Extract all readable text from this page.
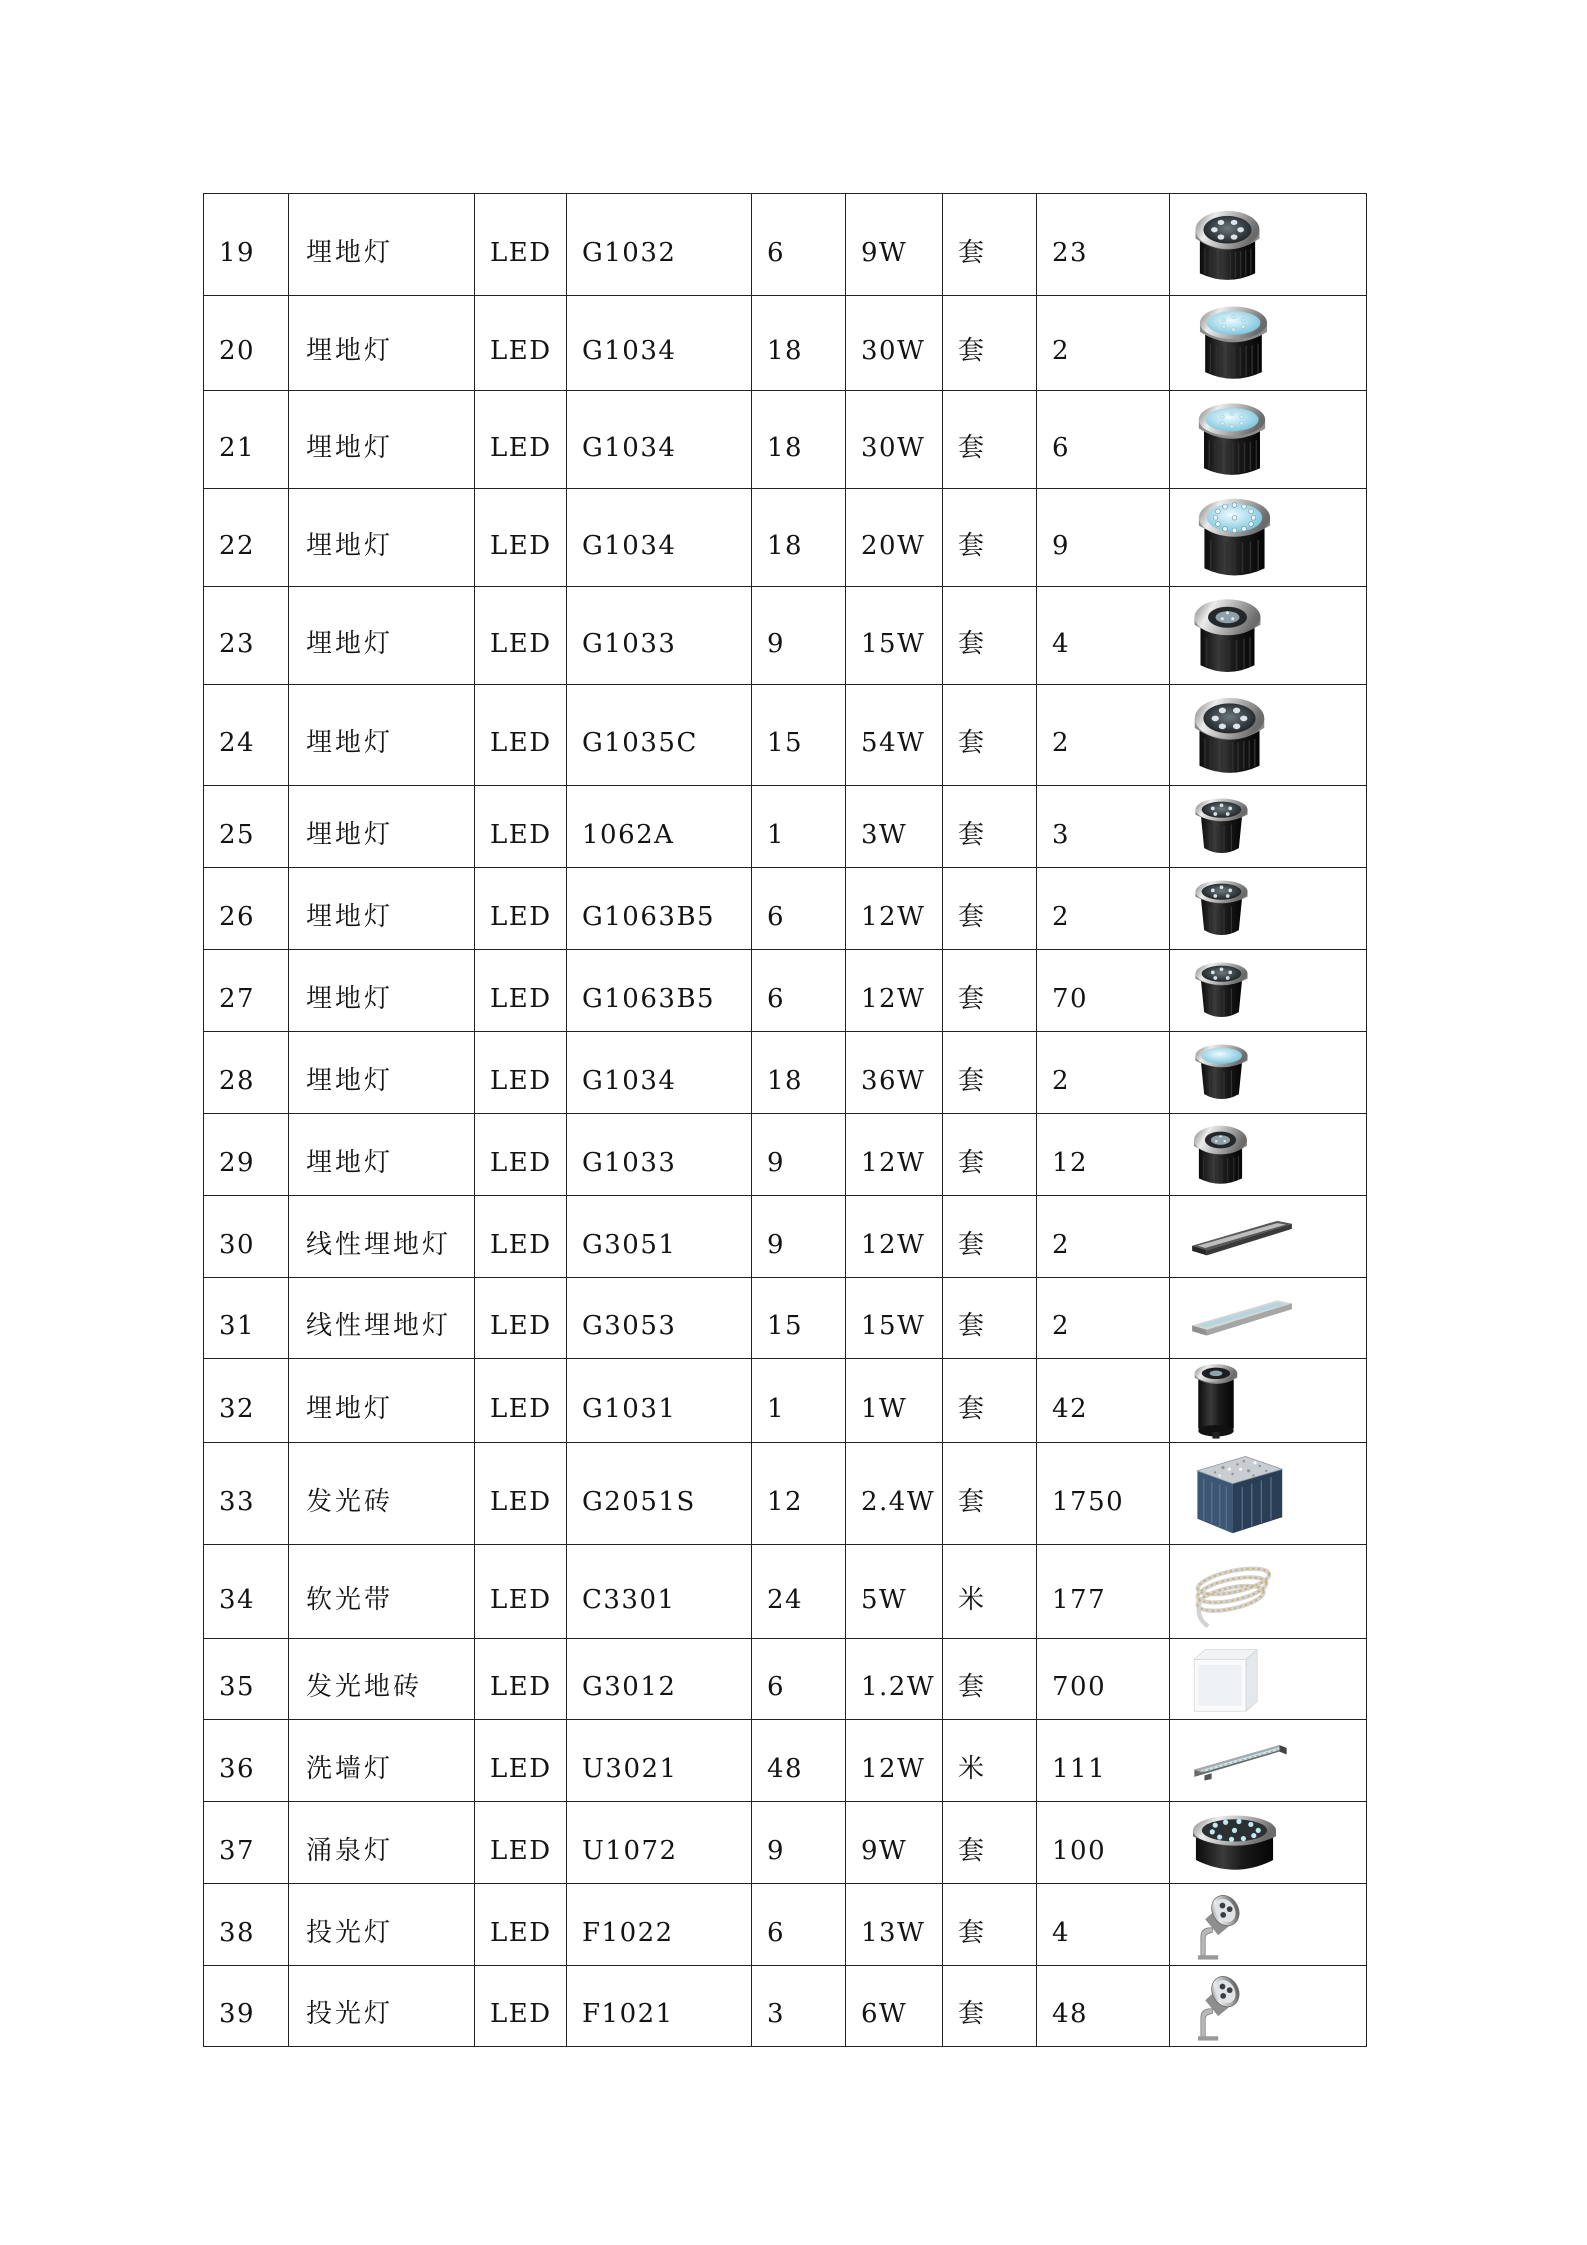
19	埋地灯	LED	G1032	6	9W	套	23	

20	埋地灯	LED	G1034	18	30W	套	2	

21	埋地灯	LED	G1034	18	30W	套	6	

22	埋地灯	LED	G1034	18	20W	套	9	

23	埋地灯	LED	G1033	9	15W	套	4	

24	埋地灯	LED	G1035C	15	54W	套	2	

25	埋地灯	LED	1062A	1	3W	套	3	

26	埋地灯	LED	G1063B5	6	12W	套	2	

27	埋地灯	LED	G1063B5	6	12W	套	70	

28	埋地灯	LED	G1034	18	36W	套	2	

29	埋地灯	LED	G1033	9	12W	套	12	

30	线性埋地灯	LED	G3051	9	12W	套	2	

31	线性埋地灯	LED	G3053	15	15W	套	2	

32	埋地灯	LED	G1031	1	1W	套	42	

33	发光砖	LED	G2051S	12	2.4W	套	1750	

34	软光带	LED	C3301	24	5W	米	177	

35	发光地砖	LED	G3012	6	1.2W	套	700	

36	洗墙灯	LED	U3021	48	12W	米	111	

37	涌泉灯	LED	U1072	9	9W	套	100	

38	投光灯	LED	F1022	6	13W	套	4	

39	投光灯	LED	F1021	3	6W	套	48	
